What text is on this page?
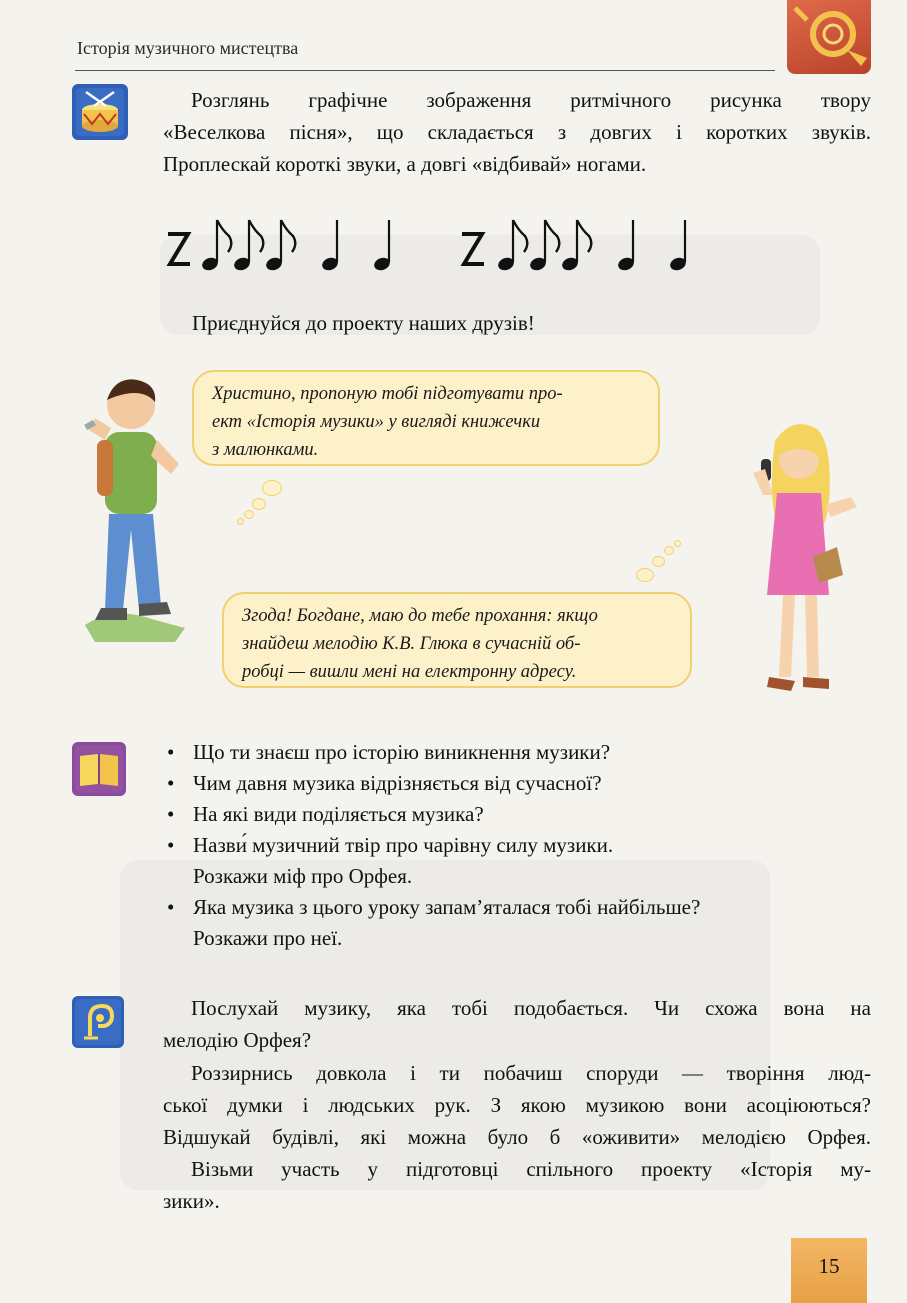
Історія музичного мистецтва
Розглянь графічне зображення ритмічного рисунка твору
«Веселкова пісня», що складається з довгих і коротких звуків.
Проплескай короткі звуки, а довгі «відбивай» ногами.
Приєднуйся до проекту наших друзів!
Христино, пропоную тобі підготувати про-
ект «Історія музики» у вигляді книжечки
з малюнками.
Згода! Богдане, маю до тебе прохання: якщо
знайдеш мелодію К.В. Глюка в сучасній об-
робці — вишли мені на електронну адресу.
• Що ти знаєш про історію виникнення музики?
• Чим давня музика відрізняється від сучасної?
• На які види поділяється музика?
• Назви́ музичний твір про чарівну силу музики.
Розкажи міф про Орфея.
• Яка музика з цього уроку запам’яталася тобі найбільше?
Розкажи про неї.
Послухай музику, яка тобі подобається. Чи схожа вона на
мелодію Орфея?
Роззирнись довкола і ти побачиш споруди — творіння люд-
ської думки і людських рук. З якою музикою вони асоціюються?
Відшукай будівлі, які можна було б «оживити» мелодією Орфея.
Візьми участь у підготовці спільного проекту «Історія му-
зики».
15
